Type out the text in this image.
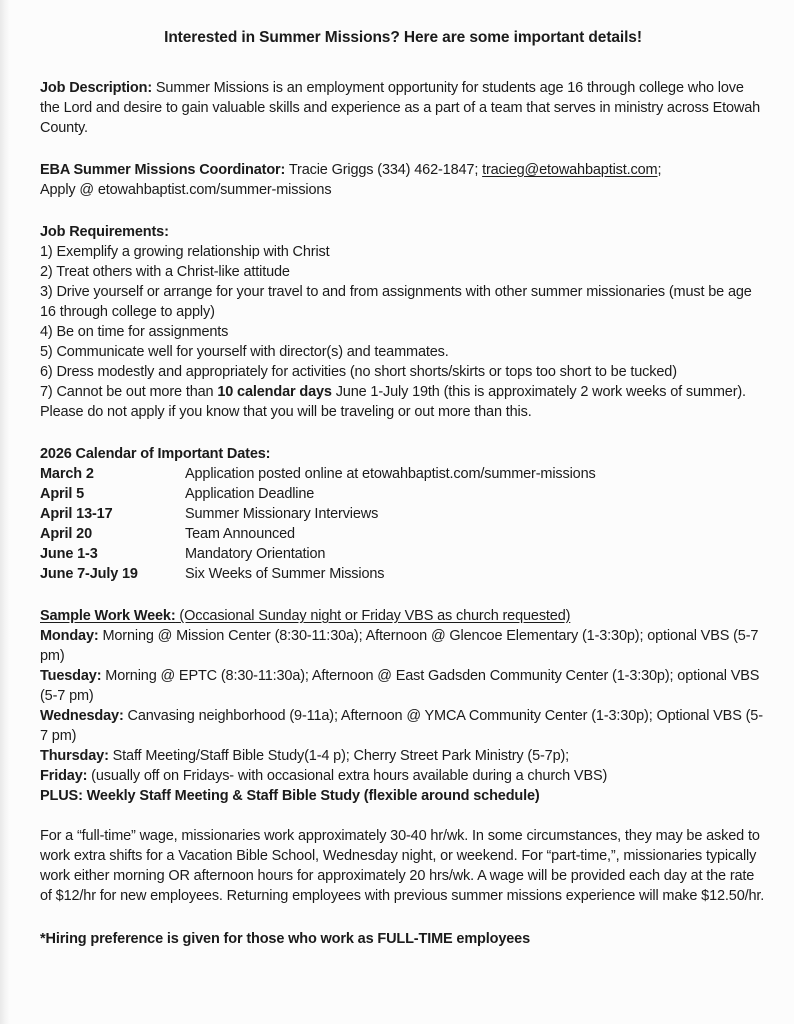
Interested in Summer Missions? Here are some important details!

Job Description: Summer Missions is an employment opportunity for students age 16 through college who love the Lord and desire to gain valuable skills and experience as a part of a team that serves in ministry across Etowah County.

EBA Summer Missions Coordinator: Tracie Griggs (334) 462-1847; tracieg@etowahbaptist.com;
Apply @ etowahbaptist.com/summer-missions

Job Requirements:
1) Exemplify a growing relationship with Christ
2) Treat others with a Christ-like attitude
3) Drive yourself or arrange for your travel to and from assignments with other summer missionaries (must be age 16 through college to apply)
4) Be on time for assignments
5) Communicate well for yourself with director(s) and teammates.
6) Dress modestly and appropriately for activities (no short shorts/skirts or tops too short to be tucked)
7) Cannot be out more than 10 calendar days June 1-July 19th (this is approximately 2 work weeks of summer). Please do not apply if you know that you will be traveling or out more than this.
2026 Calendar of Important Dates:
March 2	Application posted online at etowahbaptist.com/summer-missions
April 5	Application Deadline
April 13-17	Summer Missionary Interviews
April 20	Team Announced
June 1-3	Mandatory Orientation
June 7-July 19	Six Weeks of Summer Missions
Sample Work Week: (Occasional Sunday night or Friday VBS as church requested)
Monday: Morning @ Mission Center (8:30-11:30a); Afternoon @ Glencoe Elementary (1-3:30p); optional VBS (5-7 pm)
Tuesday: Morning @ EPTC (8:30-11:30a); Afternoon @ East Gadsden Community Center (1-3:30p); optional VBS (5-7 pm)
Wednesday: Canvasing neighborhood (9-11a); Afternoon @ YMCA Community Center (1-3:30p); Optional VBS (5-7 pm)
Thursday: Staff Meeting/Staff Bible Study(1-4 p); Cherry Street Park Ministry (5-7p);
Friday: (usually off on Fridays- with occasional extra hours available during a church VBS)
PLUS: Weekly Staff Meeting & Staff Bible Study (flexible around schedule)

For a “full-time” wage, missionaries work approximately 30-40 hr/wk. In some circumstances, they may be asked to work extra shifts for a Vacation Bible School, Wednesday night, or weekend. For “part-time,”, missionaries typically work either morning OR afternoon hours for approximately 20 hrs/wk. A wage will be provided each day at the rate of $12/hr for new employees. Returning employees with previous summer missions experience will make $12.50/hr.

*Hiring preference is given for those who work as FULL-TIME employees
